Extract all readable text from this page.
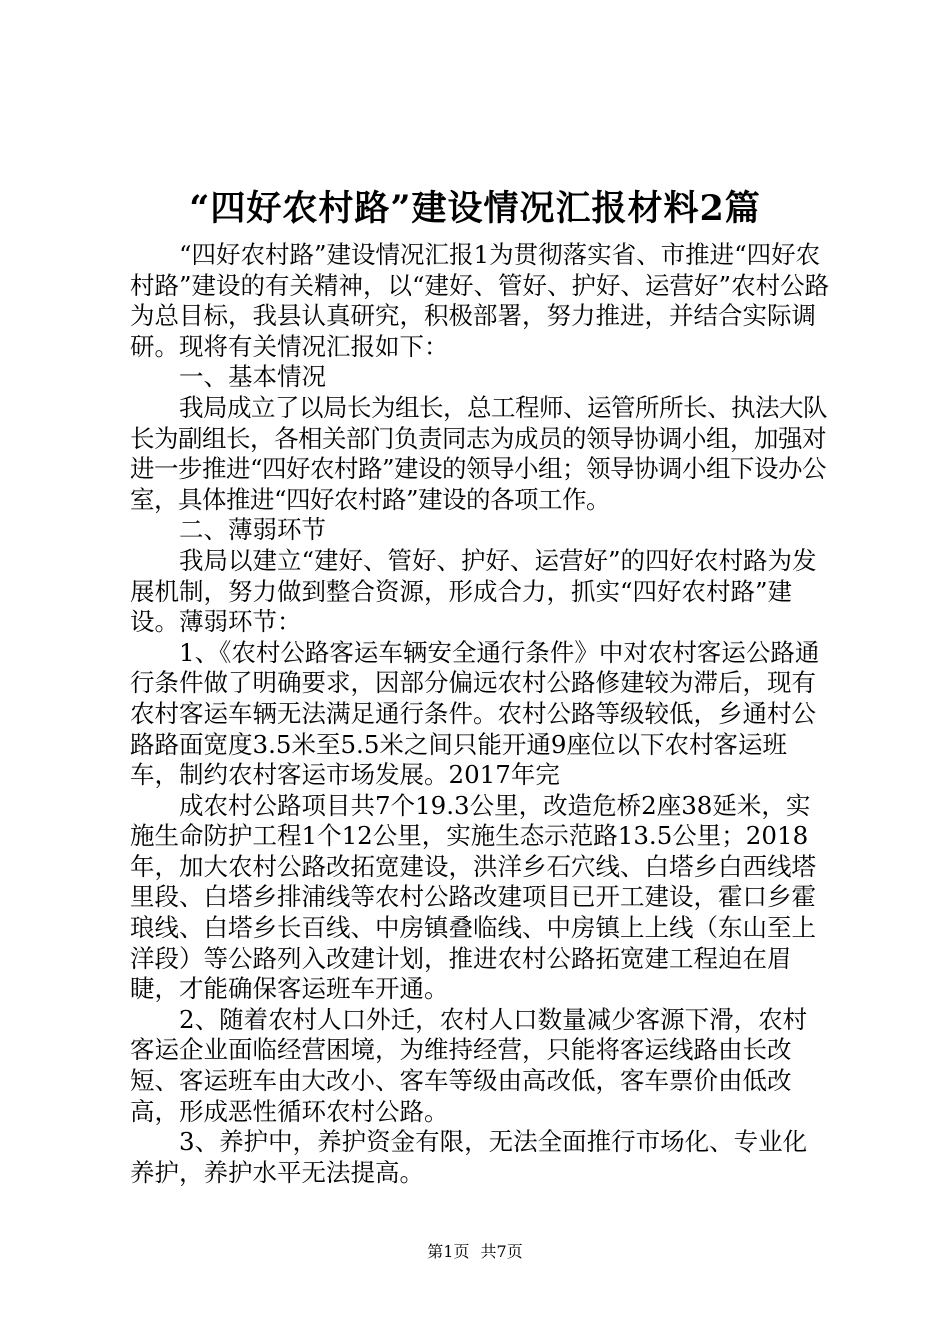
“四好农村路”建设情况汇报材料2篇

“四好农村路”建设情况汇报1为贯彻落实省、市推进“四好农村路”建设的有关精神，以“建好、管好、护好、运营好”农村公路为总目标，我县认真研究，积极部署，努力推进，并结合实际调研。现将有关情况汇报如下：

一、基本情况

我局成立了以局长为组长，总工程师、运管所所长、执法大队长为副组长，各相关部门负责同志为成员的领导协调小组，加强对进一步推进“四好农村路”建设的领导小组；领导协调小组下设办公室，具体推进“四好农村路”建设的各项工作。

二、薄弱环节

我局以建立“建好、管好、护好、运营好”的四好农村路为发展机制，努力做到整合资源，形成合力，抓实“四好农村路”建设。薄弱环节：

1、《农村公路客运车辆安全通行条件》中对农村客运公路通行条件做了明确要求，因部分偏远农村公路修建较为滞后，现有农村客运车辆无法满足通行条件。农村公路等级较低，乡通村公路路面宽度3.5米至5.5米之间只能开通9座位以下农村客运班车，制约农村客运市场发展。2017年完

成农村公路项目共7个19.3公里，改造危桥2座38延米，实施生命防护工程1个12公里，实施生态示范路13.5公里；2018年，加大农村公路改拓宽建设，洪洋乡石穴线、白塔乡白西线塔里段、白塔乡排浦线等农村公路改建项目已开工建设，霍口乡霍琅线、白塔乡长百线、中房镇叠临线、中房镇上上线（东山至上洋段）等公路列入改建计划，推进农村公路拓宽建工程迫在眉睫，才能确保客运班车开通。

2、随着农村人口外迁，农村人口数量减少客源下滑，农村客运企业面临经营困境，为维持经营，只能将客运线路由长改短、客运班车由大改小、客车等级由高改低，客车票价由低改高，形成恶性循环农村公路。

3、养护中，养护资金有限，无法全面推行市场化、专业化养护，养护水平无法提高。

第1页 共7页
